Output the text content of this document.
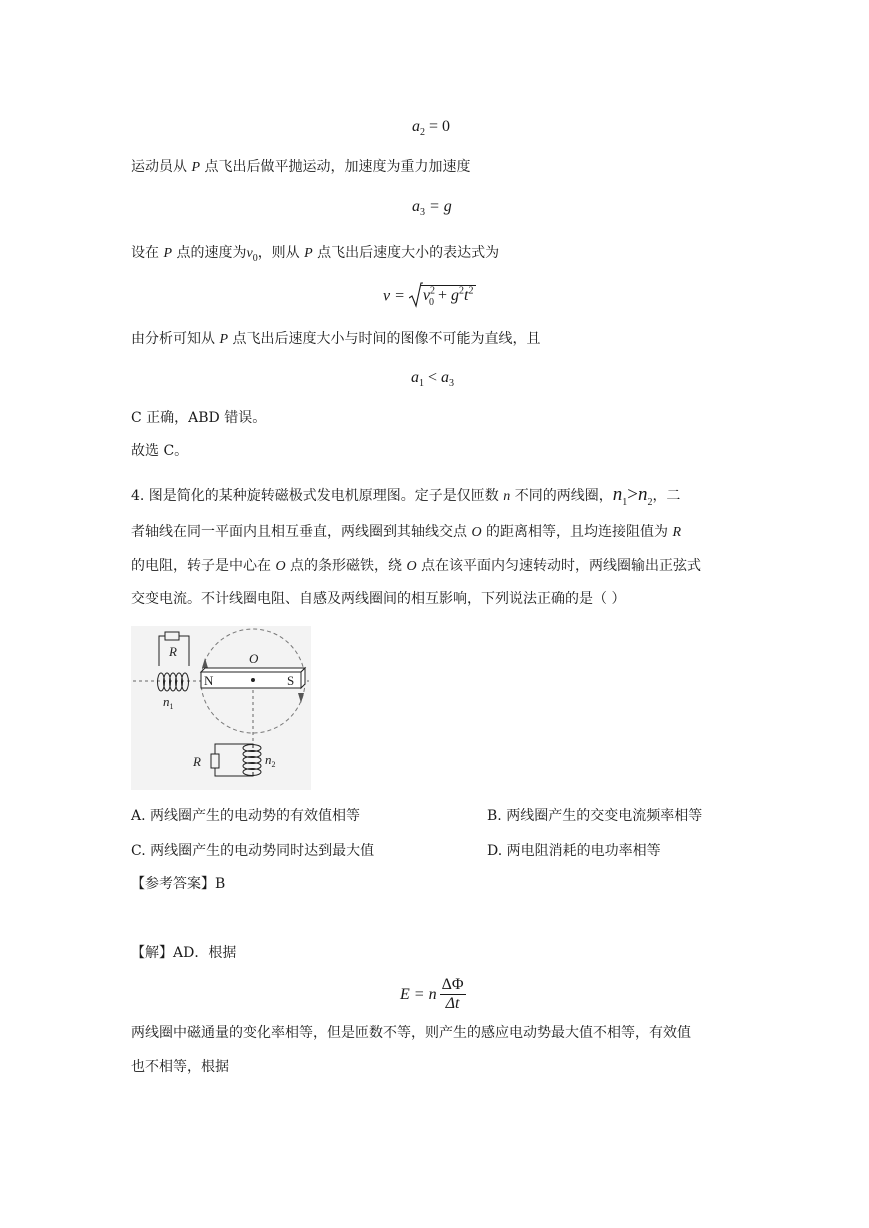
$a_2 = 0$
运动员从 P 点飞出后做平抛运动，加速度为重力加速度
$a_3 = g$
设在 P 点的速度为$v_0$，则从 P 点飞出后速度大小的表达式为
$v = v^2_0 + g^2t^2$
由分析可知从 P 点飞出后速度大小与时间的图像不可能为直线，且
$a_1 < a_3$
C 正确，ABD 错误。
故选 C。
4. 图是简化的某种旋转磁极式发电机原理图。定子是仅匝数 n 不同的两线圈，$n_1>n_2$，二
者轴线在同一平面内且相互垂直，两线圈到其轴线交点 O 的距离相等，且均连接阻值为 R
的电阻，转子是中心在 O 点的条形磁铁，绕 O 点在该平面内匀速转动时，两线圈输出正弦式
交变电流。不计线圈电阻、自感及两线圈间的相互影响，下列说法正确的是（ ）
R
$n_1$
N	S
O
R	$n_2$
A. 两线圈产生的电动势的有效值相等	B. 两线圈产生的交变电流频率相等
C. 两线圈产生的电动势同时达到最大值	D. 两电阻消耗的电功率相等
【参考答案】B
【解】AD．根据
E = n $\frac{\Delta\Phi}{\Delta t}$
两线圈中磁通量的变化率相等，但是匝数不等，则产生的感应电动势最大值不相等，有效值
也不相等，根据
